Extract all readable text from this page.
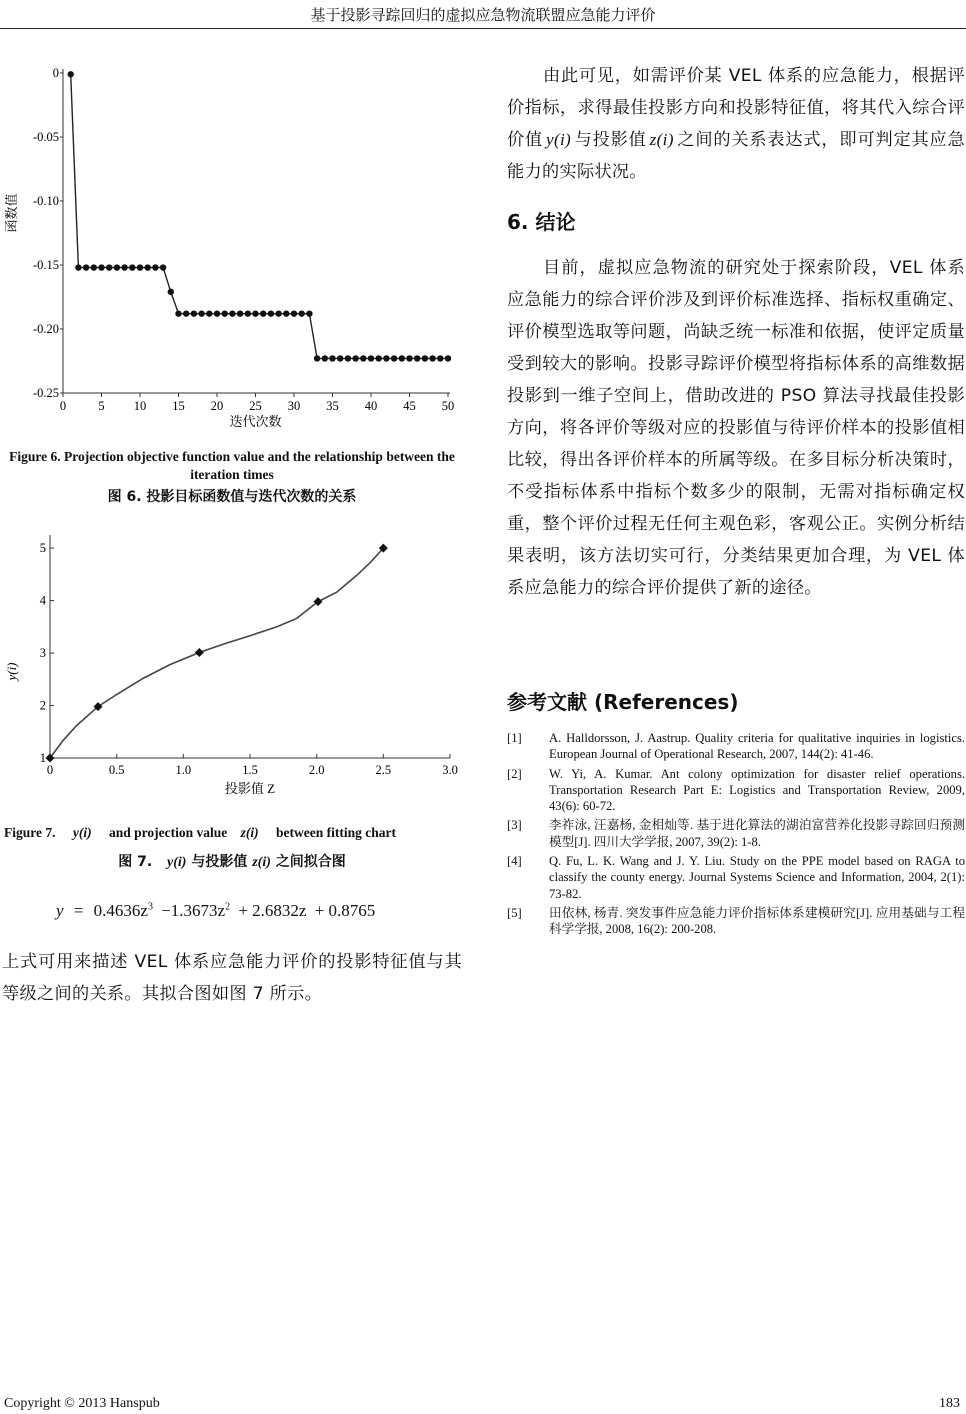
基于投影寻踪回归的虚拟应急物流联盟应急能力评价
0	5 10 15 20 25 30 35 40 45 50
0
-0.05
-0.10
-0.15
-0.20
-0.25
迭代次数
函数值
Figure 6. Projection objective function value and the relationship between the iteration times
图 6. 投影目标函数值与迭代次数的关系
0	0.5	1.0	1.5	2.0	2.5	3.0
1
2
3
4
5
投影值 Z
y(i)
Figure 7. y(i) and projection value z(i) between fitting chart
图 7. y(i) 与投影值 z(i) 之间拟合图
$y = 0.4636z^3 -1.3673z^2 + 2.6832z + 0.8765$
上式可用来描述 VEL 体系应急能力评价的投影特征值与其等级之间的关系。其拟合图如图 7 所示。
由此可见，如需评价某 VEL 体系的应急能力，根据评价指标，求得最佳投影方向和投影特征值，将其代入综合评价值 y(i) 与投影值 z(i) 之间的关系表达式，即可判定其应急能力的实际状况。
6. 结论
目前，虚拟应急物流的研究处于探索阶段，VEL 体系应急能力的综合评价涉及到评价标准选择、指标权重确定、评价模型选取等问题，尚缺乏统一标准和依据，使评定质量受到较大的影响。投影寻踪评价模型将指标体系的高维数据投影到一维子空间上，借助改进的 PSO 算法寻找最佳投影方向，将各评价等级对应的投影值与待评价样本的投影值相比较，得出各评价样本的所属等级。在多目标分析决策时，不受指标体系中指标个数多少的限制，无需对指标确定权重，整个评价过程无任何主观色彩，客观公正。实例分析结果表明，该方法切实可行，分类结果更加合理，为 VEL 体系应急能力的综合评价提供了新的途径。
参考文献 (References)
[1]	A. Halldorsson, J. Aastrup. Quality criteria for qualitative inquiries in logistics. European Journal of Operational Research, 2007, 144(2): 41-46.
[2]	W. Yi, A. Kumar. Ant colony optimization for disaster relief operations. Transportation Research Part E: Logistics and Transportation Review, 2009, 43(6): 60-72.
[3]	李祚泳, 汪嘉杨, 金相灿等. 基于进化算法的湖泊富营养化投影寻踪回归预测模型[J]. 四川大学学报, 2007, 39(2): 1-8.
[4]	Q. Fu, L. K. Wang and J. Y. Liu. Study on the PPE model based on RAGA to classify the county energy. Journal Systems Science and Information, 2004, 2(1): 73-82.
[5]	田依林, 杨青. 突发事件应急能力评价指标体系建模研究[J]. 应用基础与工程科学学报, 2008, 16(2): 200-208.
Copyright © 2013 Hanspub	183
